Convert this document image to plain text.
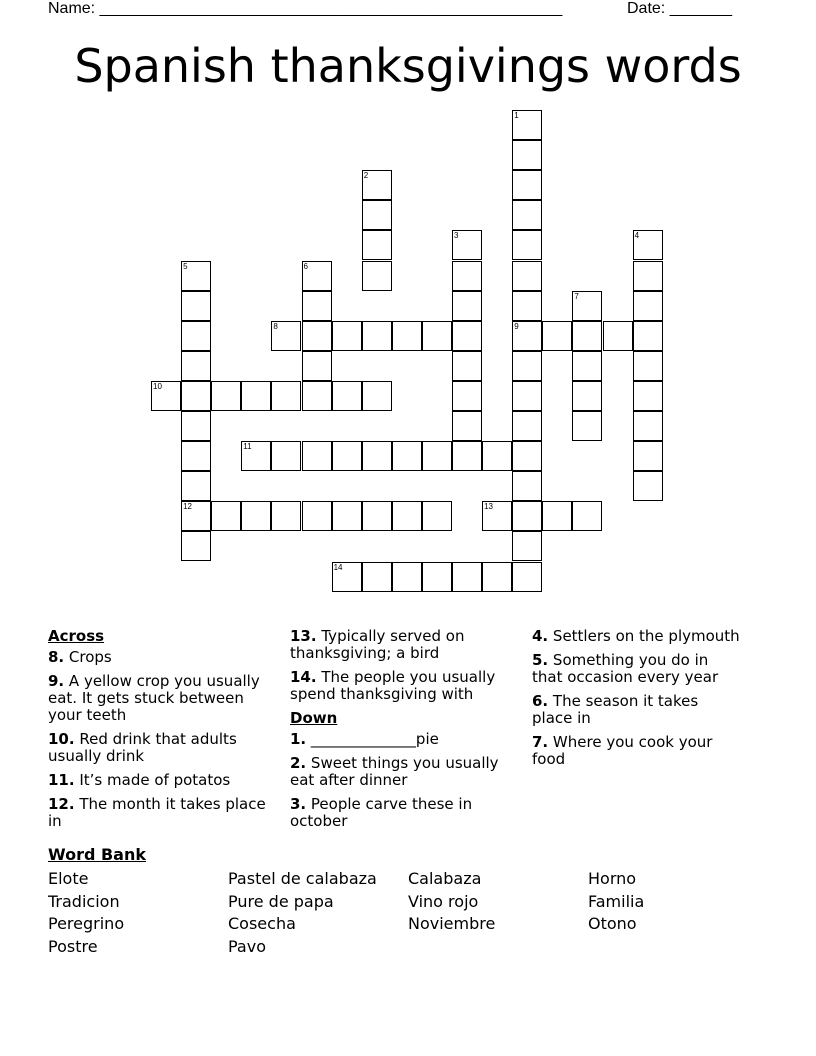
Name: ____________________________________________________	Date: _______
Spanish thanksgivings words
1
9
2
3	4
5
12
6
7
8
10
11
13
14
Across
8. Crops
9. A yellow crop you usually eat. It gets stuck between your teeth
10. Red drink that adults usually drink
11. It’s made of potatos
12. The month it takes place in
13. Typically served on thanksgiving; a bird
14. The people you usually spend thanksgiving with
Down
1. ______________pie
2. Sweet things you usually eat after dinner
3. People carve these in october
4. Settlers on the plymouth
5. Something you do in that occasion every year
6. The season it takes place in
7. Where you cook your food
Word Bank
Elote
Tradicion
Peregrino
Postre
Pastel de calabaza
Pure de papa
Cosecha
Pavo
Calabaza
Vino rojo
Noviembre
Horno
Familia
Otono
